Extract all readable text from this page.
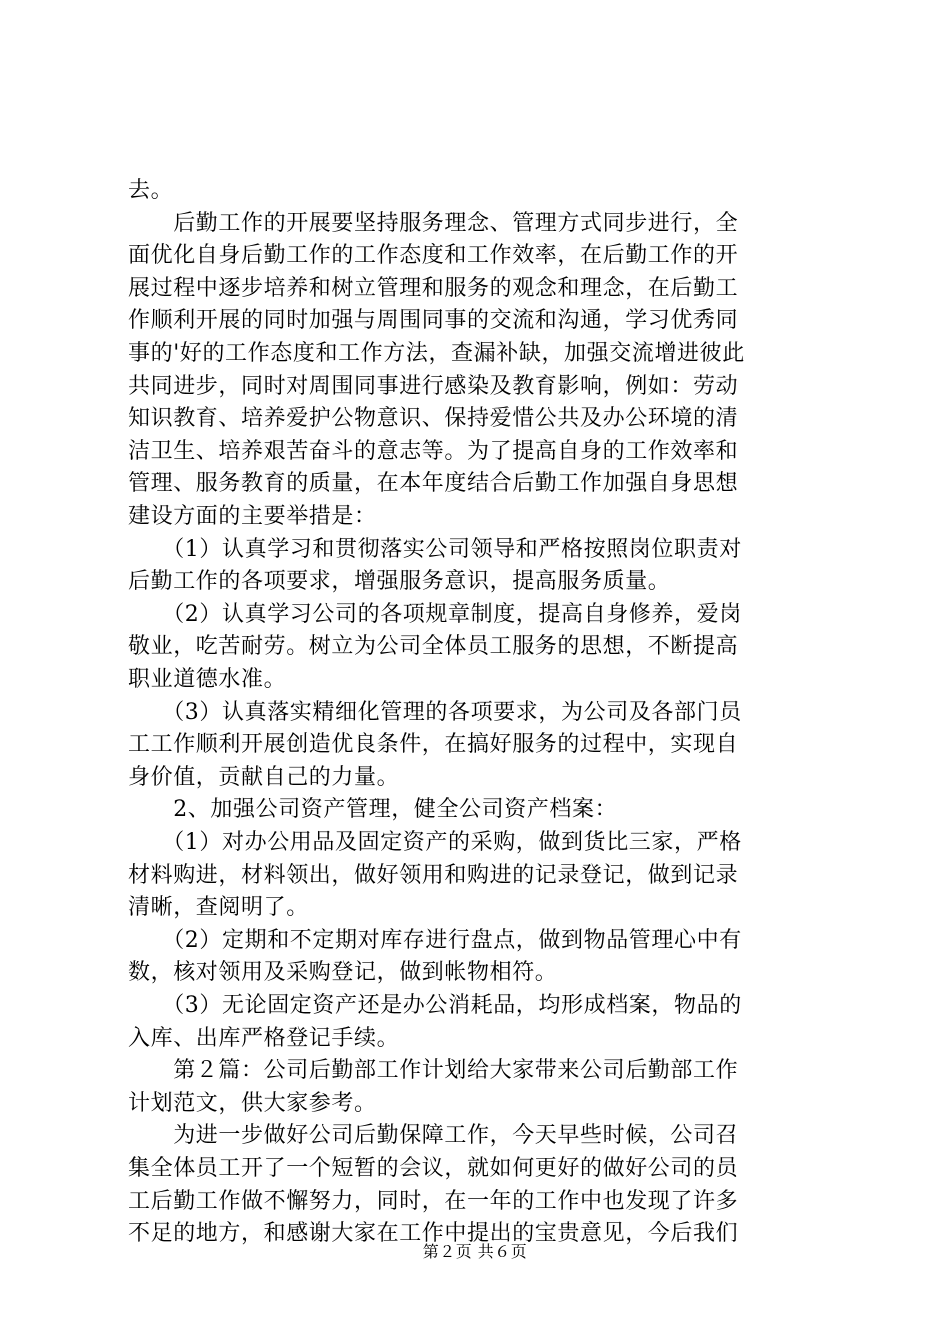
去。
　　后勤工作的开展要坚持服务理念、管理方式同步进行，全
面优化自身后勤工作的工作态度和工作效率，在后勤工作的开
展过程中逐步培养和树立管理和服务的观念和理念，在后勤工
作顺利开展的同时加强与周围同事的交流和沟通，学习优秀同
事的'好的工作态度和工作方法，查漏补缺，加强交流增进彼此
共同进步，同时对周围同事进行感染及教育影响，例如：劳动
知识教育、培养爱护公物意识、保持爱惜公共及办公环境的清
洁卫生、培养艰苦奋斗的意志等。为了提高自身的工作效率和
管理、服务教育的质量，在本年度结合后勤工作加强自身思想
建设方面的主要举措是：
　　（1）认真学习和贯彻落实公司领导和严格按照岗位职责对
后勤工作的各项要求，增强服务意识，提高服务质量。
　　（2）认真学习公司的各项规章制度，提高自身修养，爱岗
敬业，吃苦耐劳。树立为公司全体员工服务的思想，不断提高
职业道德水准。
　　（3）认真落实精细化管理的各项要求，为公司及各部门员
工工作顺利开展创造优良条件，在搞好服务的过程中，实现自
身价值，贡献自己的力量。
　　2、加强公司资产管理，健全公司资产档案：
　　（1）对办公用品及固定资产的采购，做到货比三家，严格
材料购进，材料领出，做好领用和购进的记录登记，做到记录
清晰，查阅明了。
　　（2）定期和不定期对库存进行盘点，做到物品管理心中有
数，核对领用及采购登记，做到帐物相符。
　　（3）无论固定资产还是办公消耗品，均形成档案，物品的
入库、出库严格登记手续。
　　第２篇：公司后勤部工作计划给大家带来公司后勤部工作
计划范文，供大家参考。
　　为进一步做好公司后勤保障工作，今天早些时候，公司召
集全体员工开了一个短暂的会议，就如何更好的做好公司的员
工后勤工作做不懈努力，同时，在一年的工作中也发现了许多
不足的地方，和感谢大家在工作中提出的宝贵意见，今后我们
第２页 共６页
